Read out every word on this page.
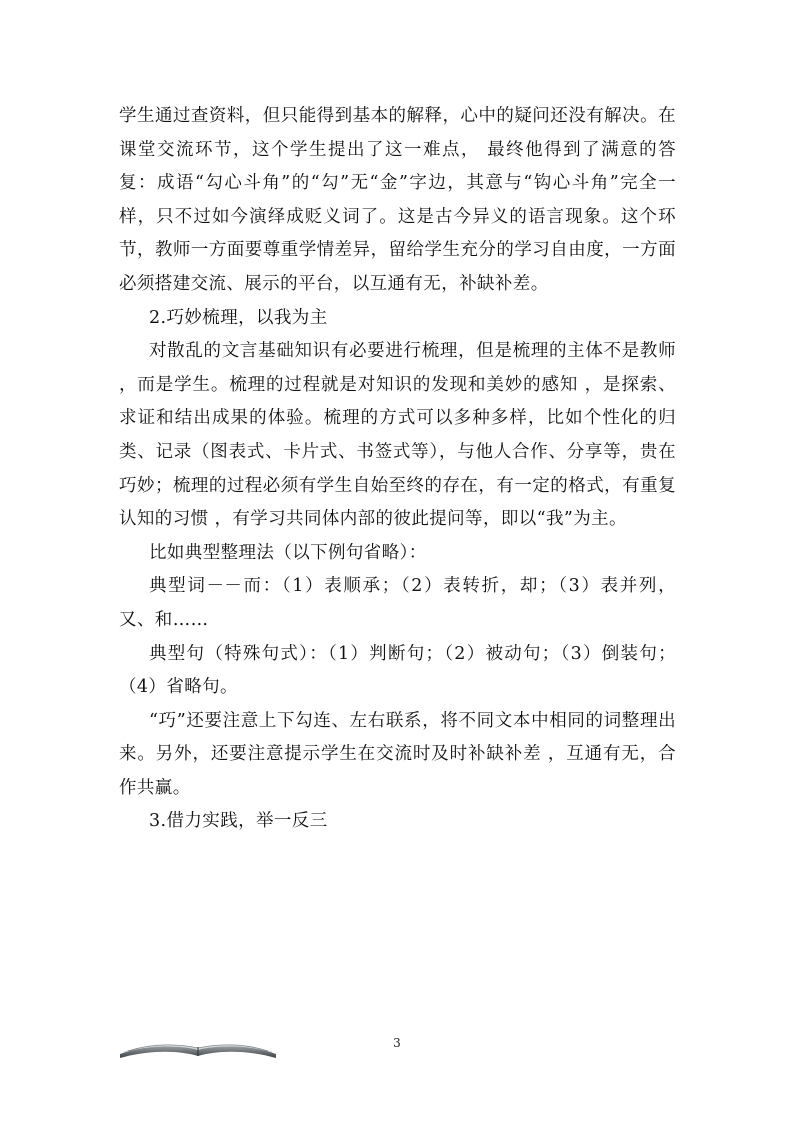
学生通过查资料，但只能得到基本的解释，心中的疑问还没有解决。在课堂交流环节，这个学生提出了这一难点， 最终他得到了满意的答复：成语“勾心斗角”的“勾”无“金”字边，其意与“钩心斗角”完全一样，只不过如今演绎成贬义词了。这是古今异义的语言现象。这个环节，教师一方面要尊重学情差异，留给学生充分的学习自由度，一方面必须搭建交流、展示的平台，以互通有无，补缺补差。

2.巧妙梳理，以我为主

对散乱的文言基础知识有必要进行梳理，但是梳理的主体不是教师 ，而是学生。梳理的过程就是对知识的发现和美妙的感知 ，是探索、求证和结出成果的体验。梳理的方式可以多种多样，比如个性化的归类、记录（图表式、卡片式、书签式等），与他人合作、分享等，贵在巧妙；梳理的过程必须有学生自始至终的存在，有一定的格式，有重复认知的习惯 ，有学习共同体内部的彼此提问等，即以“我”为主。

比如典型整理法（以下例句省略）：

典型词－－而：（1）表顺承；（2）表转折，却；（3）表并列，又、和……

典型句（特殊句式）：（1）判断句；（2）被动句；（3）倒装句；（4）省略句。

“巧”还要注意上下勾连、左右联系，将不同文本中相同的词整理出来。另外，还要注意提示学生在交流时及时补缺补差 ，互通有无，合作共赢。

3.借力实践，举一反三

3
